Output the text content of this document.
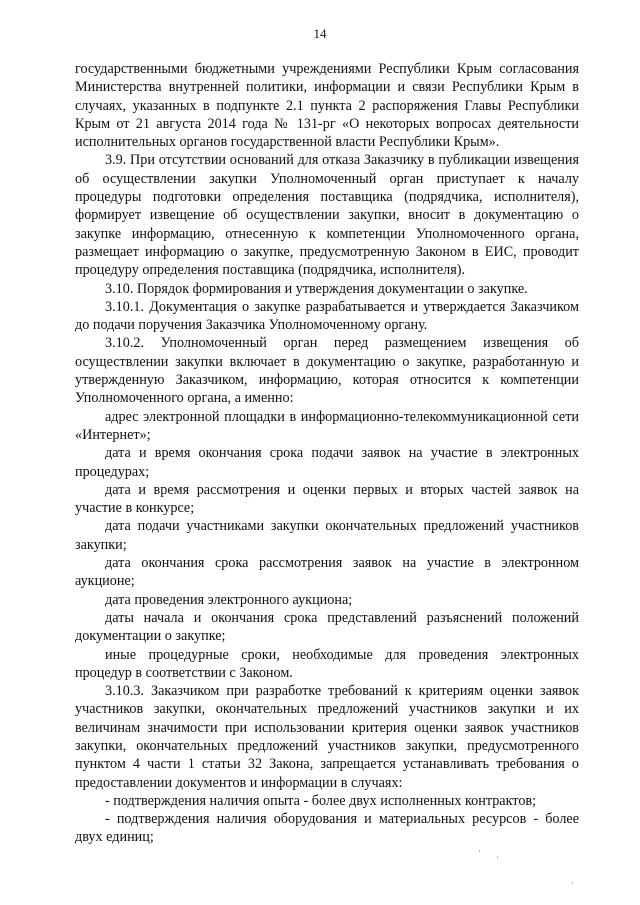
14

государственными бюджетными учреждениями Республики Крым согласования Министерства внутренней политики, информации и связи Республики Крым в случаях, указанных в подпункте 2.1 пункта 2 распоряжения Главы Республики Крым от 21 августа 2014 года № 131-рг «О некоторых вопросах деятельности исполнительных органов государственной власти Республики Крым».

3.9. При отсутствии оснований для отказа Заказчику в публикации извещения об осуществлении закупки Уполномоченный орган приступает к началу процедуры подготовки определения поставщика (подрядчика, исполнителя), формирует извещение об осуществлении закупки, вносит в документацию о закупке информацию, отнесенную к компетенции Уполномоченного органа, размещает информацию о закупке, предусмотренную Законом в ЕИС, проводит процедуру определения поставщика (подрядчика, исполнителя).

3.10. Порядок формирования и утверждения документации о закупке.

3.10.1. Документация о закупке разрабатывается и утверждается Заказчиком до подачи поручения Заказчика Уполномоченному органу.

3.10.2. Уполномоченный орган перед размещением извещения об осуществлении закупки включает в документацию о закупке, разработанную и утвержденную Заказчиком, информацию, которая относится к компетенции Уполномоченного органа, а именно:

адрес электронной площадки в информационно-телекоммуникационной сети «Интернет»;

дата и время окончания срока подачи заявок на участие в электронных процедурах;

дата и время рассмотрения и оценки первых и вторых частей заявок на участие в конкурсе;

дата подачи участниками закупки окончательных предложений участников закупки;

дата окончания срока рассмотрения заявок на участие в электронном аукционе;

дата проведения электронного аукциона;

даты начала и окончания срока представлений разъяснений положений документации о закупке;

иные процедурные сроки, необходимые для проведения электронных процедур в соответствии с Законом.

3.10.3. Заказчиком при разработке требований к критериям оценки заявок участников закупки, окончательных предложений участников закупки и их величинам значимости при использовании критерия оценки заявок участников закупки, окончательных предложений участников закупки, предусмотренного пунктом 4 части 1 статьи 32 Закона, запрещается устанавливать требования о предоставлении документов и информации в случаях:

- подтверждения наличия опыта - более двух исполненных контрактов;

- подтверждения наличия оборудования и материальных ресурсов - более двух единиц;

·
·
·
